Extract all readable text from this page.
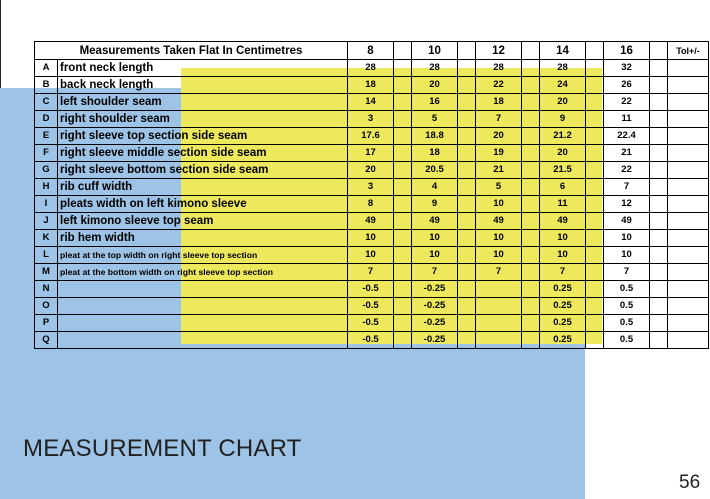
Measurements Taken Flat In Centimetres		8		10		12		14		16		Tol+/-
A	front neck length	28		28		28		28		32		
B	back neck length	18		20		22		24		26		
C	left shoulder seam	14		16		18		20		22		
D	right shoulder seam	3		5		7		9		11		
E	right sleeve top section side seam	17.6		18.8		20		21.2		22.4		
F	right sleeve middle section side seam	17		18		19		20		21		
G	right sleeve bottom section side seam	20		20.5		21		21.5		22		
H	rib cuff width	3		4		5		6		7		
I	pleats width on left kimono sleeve	8		9		10		11		12		
J	left kimono sleeve top seam	49		49		49		49		49		
K	rib hem width	10		10		10		10		10		
L	pleat at the top width on right sleeve top section	10		10		10		10		10		
M	pleat at the bottom width on right sleeve top section	7		7		7		7		7		
N		-0.5		-0.25				0.25		0.5		
O		-0.5		-0.25				0.25		0.5		
P		-0.5		-0.25				0.25		0.5		
Q		-0.5		-0.25				0.25		0.5		
MEASUREMENT CHART
56
